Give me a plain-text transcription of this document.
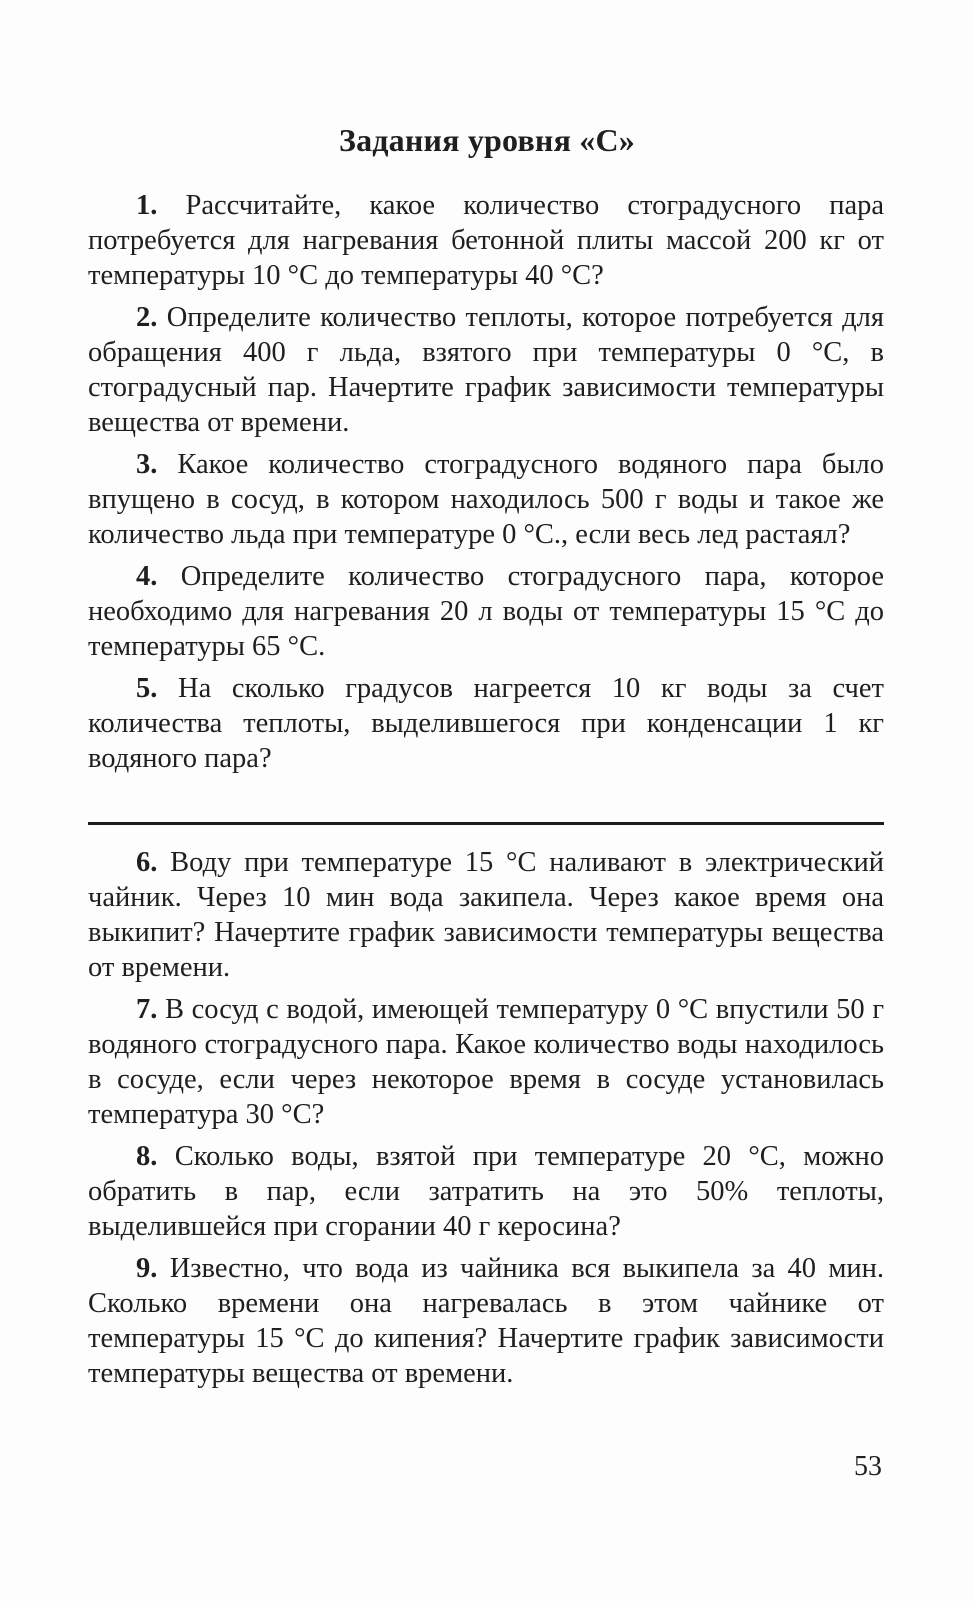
Задания уровня «С»

1. Рассчитайте, какое количество стоградусного пара потребуется для нагревания бетонной плиты массой 200 кг от температуры 10 °С до температуры 40 °С?

2. Определите количество теплоты, которое потребуется для обращения 400 г льда, взятого при температуры 0 °С, в стоградусный пар. Начертите график зависимости температуры вещества от времени.

3. Какое количество стоградусного водяного пара было впущено в сосуд, в котором находилось 500 г воды и такое же количество льда при температуре 0 °С., если весь лед растаял?

4. Определите количество стоградусного пара, которое необходимо для нагревания 20 л воды от температуры 15 °С до температуры 65 °С.

5. На сколько градусов нагреется 10 кг воды за счет количества теплоты, выделившегося при конденсации 1 кг водяного пара?

6. Воду при температуре 15 °С наливают в электрический чайник. Через 10 мин вода закипела. Через какое время она выкипит? Начертите график зависимости температуры вещества от времени.

7. В сосуд с водой, имеющей температуру 0 °С впустили 50 г водяного стоградусного пара. Какое количество воды находилось в сосуде, если через некоторое время в сосуде установилась температура 30 °С?

8. Сколько воды, взятой при температуре 20 °С, можно обратить в пар, если затратить на это 50% теплоты, выделившейся при сгорании 40 г керосина?

9. Известно, что вода из чайника вся выкипела за 40 мин. Сколько времени она нагревалась в этом чайнике от температуры 15 °С до кипения? Начертите график зависимости температуры вещества от времени.

53
